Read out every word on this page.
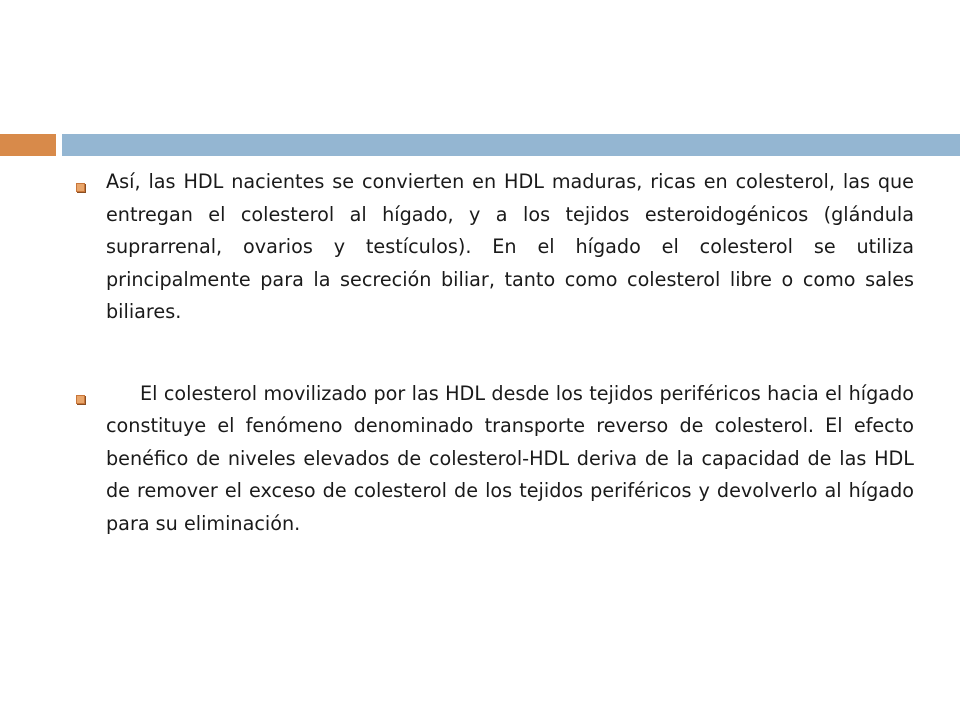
Así, las HDL nacientes se convierten en HDL maduras, ricas en colesterol, las que entregan el colesterol al hígado, y a los tejidos esteroidogénicos (glándula suprarrenal, ovarios y testículos). En el hígado el colesterol se utiliza principalmente para la secreción biliar, tanto como colesterol libre o como sales biliares.

El colesterol movilizado por las HDL desde los tejidos periféricos hacia el hígado constituye el fenómeno denominado transporte reverso de colesterol. El efecto benéfico de niveles elevados de colesterol-HDL deriva de la capacidad de las HDL de remover el exceso de colesterol de los tejidos periféricos y devolverlo al hígado para su eliminación.
